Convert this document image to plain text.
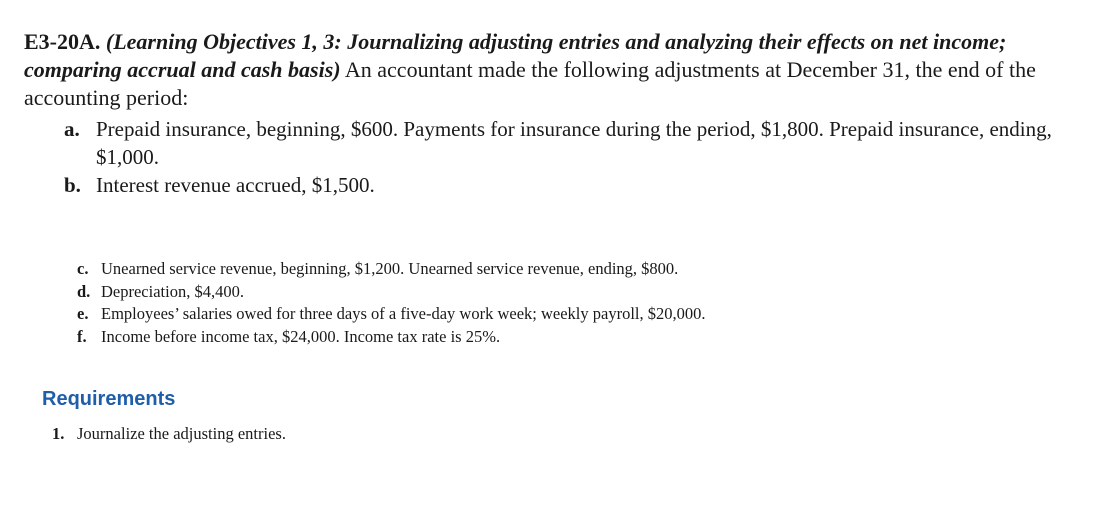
E3-20A. (Learning Objectives 1, 3: Journalizing adjusting entries and analyzing their effects on net income; comparing accrual and cash basis) An accountant made the following adjustments at December 31, the end of the accounting period:
a. Prepaid insurance, beginning, $600. Payments for insurance during the period, $1,800. Prepaid insurance, ending, $1,000.
b. Interest revenue accrued, $1,500.
c. Unearned service revenue, beginning, $1,200. Unearned service revenue, ending, $800.
d. Depreciation, $4,400.
e. Employees’ salaries owed for three days of a five-day work week; weekly payroll, $20,000.
f. Income before income tax, $24,000. Income tax rate is 25%.
Requirements
1. Journalize the adjusting entries.
